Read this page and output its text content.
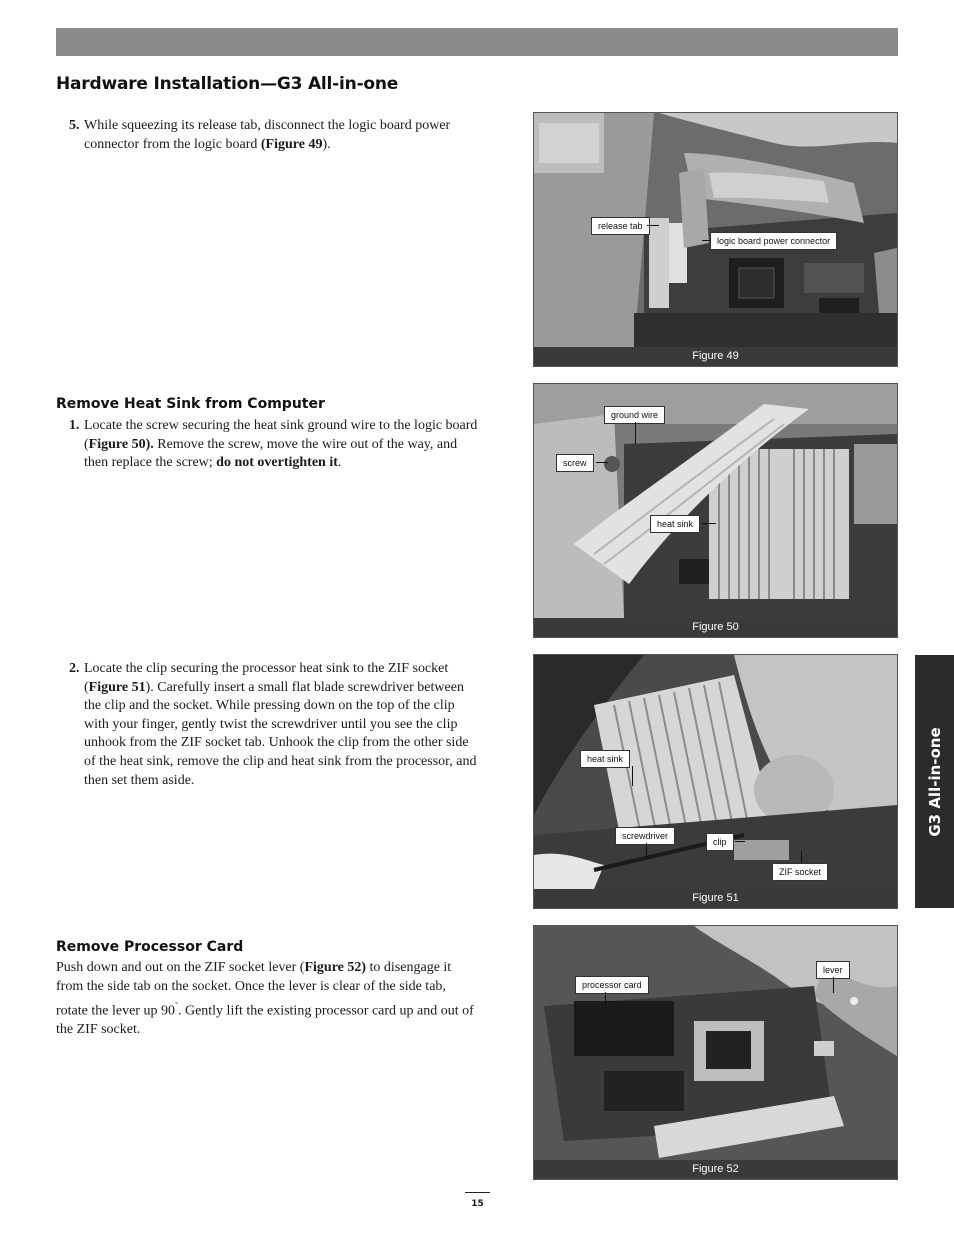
Hardware Installation—G3 All-in-one
5. While squeezing its release tab, disconnect the logic board power connector from the logic board (Figure 49).
Remove Heat Sink from Computer
1. Locate the screw securing the heat sink ground wire to the logic board (Figure 50). Remove the screw, move the wire out of the way, and then replace the screw; do not overtighten it.
2. Locate the clip securing the processor heat sink to the ZIF socket (Figure 51). Carefully insert a small flat blade screwdriver between the clip and the socket. While pressing down on the top of the clip with your finger, gently twist the screwdriver until you see the clip unhook from the ZIF socket tab. Unhook the clip from the other side of the heat sink, remove the clip and heat sink from the processor, and then set them aside.
Remove Processor Card

Push down and out on the ZIF socket lever (Figure 52) to disengage it from the side tab on the socket. Once the lever is clear of the side tab, rotate the lever up 90˚. Gently lift the existing processor card up and out of the ZIF socket.

release tab
logic board power connector
Figure 49
ground wire
screw
heat sink
Figure 50
heat sink
screwdriver
clip
ZIF socket
Figure 51
processor card
lever
Figure 52
G3 All-in-one
15
